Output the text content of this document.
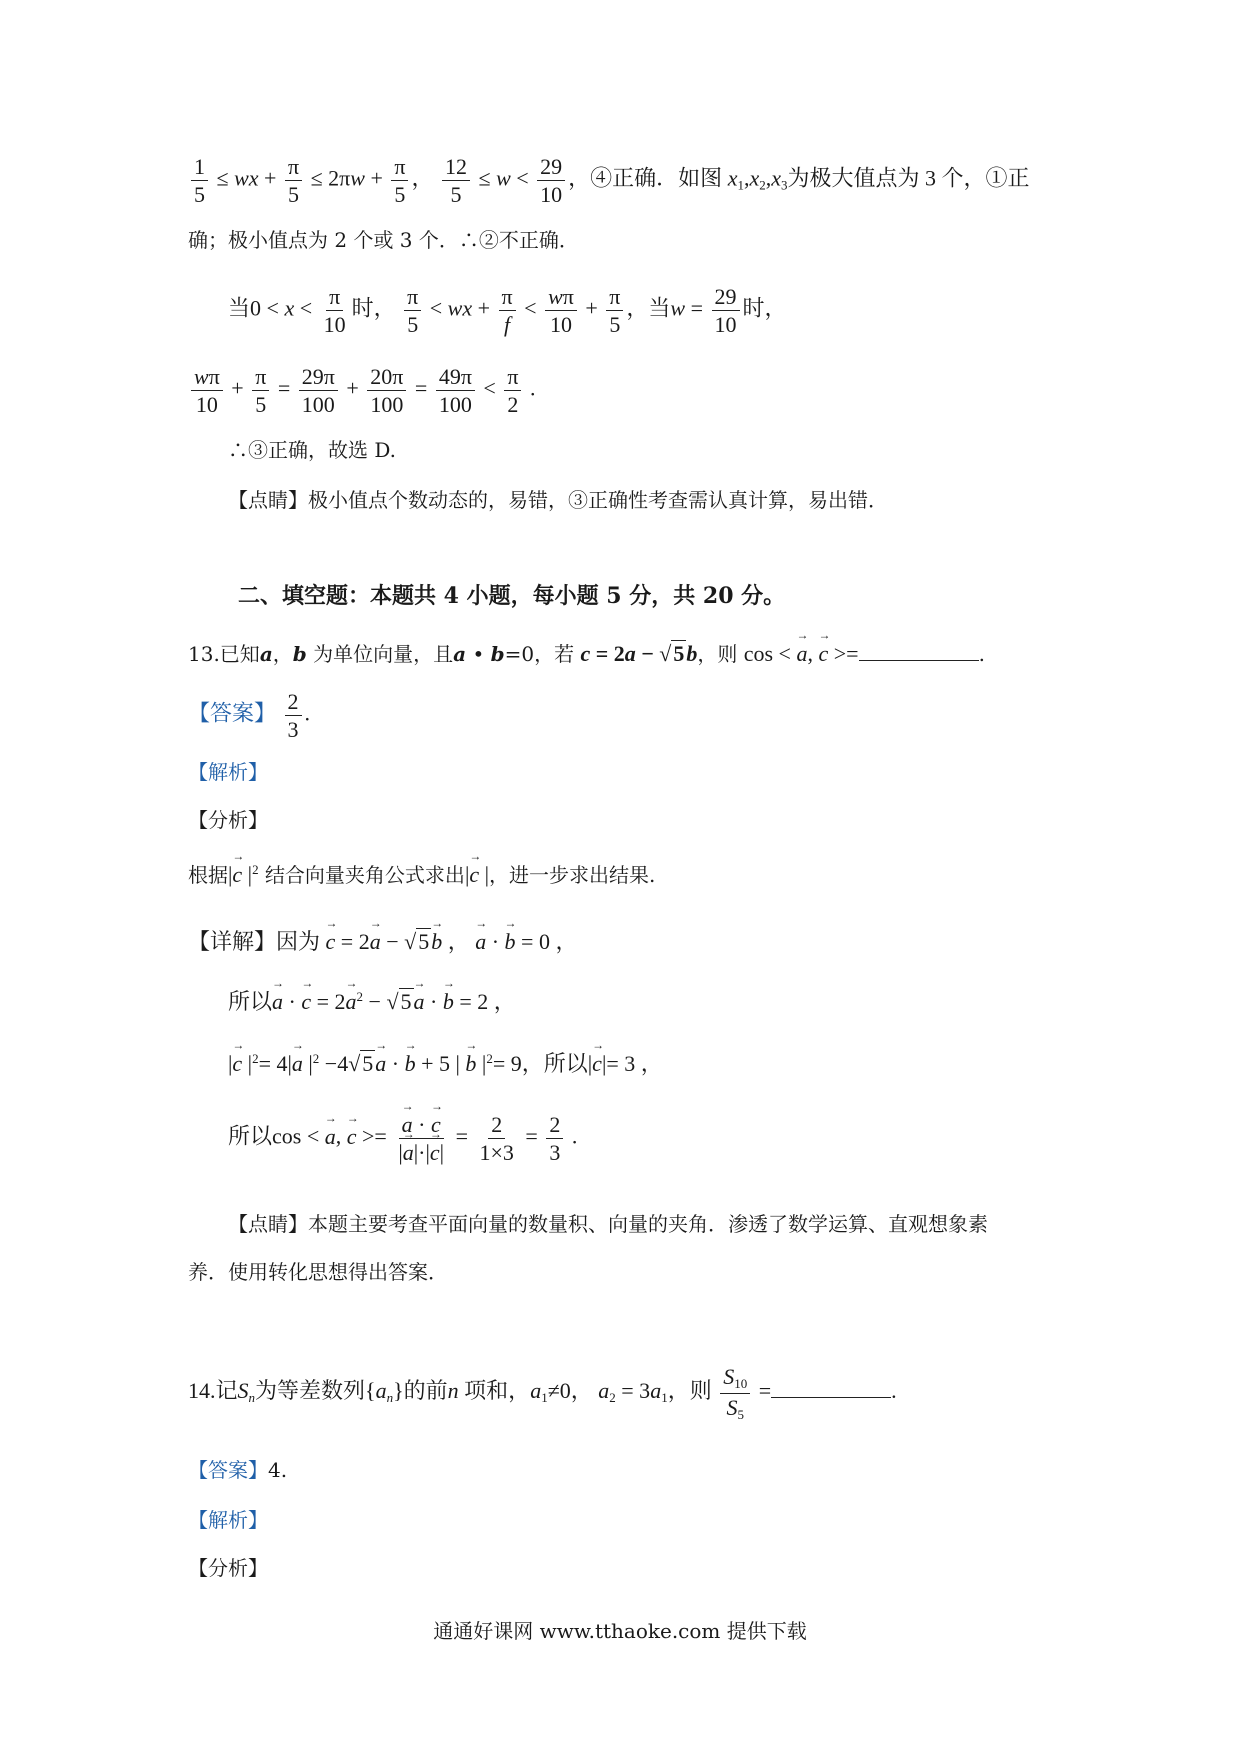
$\frac{1}{5}$ ≤ wx + $\frac{\pi}{5} \le 2\pi w + \frac{\pi}{5}$ ， $\frac{12}{5} \le w < \frac{29}{10}$ ，④正确．如图 $x_1,x_2,x_3$为极大值点为 3 个，①正
确；极小值点为 2 个或 3 个．∴②不正确．
当$0 < x < \frac{\pi}{10}$ 时， $\frac{\pi}{5}$ < wx + $\frac{\pi}{f} < \frac{w\pi}{10} + \frac{\pi}{5}$ ，当$w = \frac{29}{10}$ 时，
$\frac{w\pi}{10} + \frac{\pi}{5} = \frac{29\pi}{100} + \frac{20\pi}{100} = \frac{49\pi}{100} < \frac{\pi}{2}$ .
∴③正确，故选 D.
【点睛】极小值点个数动态的，易错，③正确性考查需认真计算，易出错．
二、填空题：本题共 4 小题，每小题 5 分，共 20 分。
13.已知a，b 为单位向量，且a • b=0，若 c = 2a − √5b，则 cos < → a, → c >=	.
【答案】 $\frac{2}{3}$ .
【解析】
【分析】
根据|→ c $|^2$ 结合向量夹角公式求出|→ c |，进一步求出结果.
【详解】因为 → c = 2→ a − √5→ b ， → a · → b = 0 ，
所以→ a · → $c = 2\to a^2 - √5\to a$ · → b = 2 ，
|→ c $|^2= 4|\to a$ $|^2 -4√5\to a$ · → b + 5 | → b $|^2= 9$，所以|→ c|= 3 ，
所以cos < → a, → c >= → $\frac{a \cdot \to c}{|\to a|\cdot|\to c|} = \frac{2}{1\times 3} = \frac{2}{3}$ .
【点睛】本题主要考查平面向量的数量积、向量的夹角．渗透了数学运算、直观想象素
养．使用转化思想得出答案．
14.记$S_n$为等差数列$\{a_n\}$的前n 项和，$a_1\ne 0$， $a_2 = 3a_1$，则 $\frac{S_{10}}{S_5}$ =	.
【答案】4.
【解析】
【分析】
通通好课网 www.tthaoke.com 提供下载
